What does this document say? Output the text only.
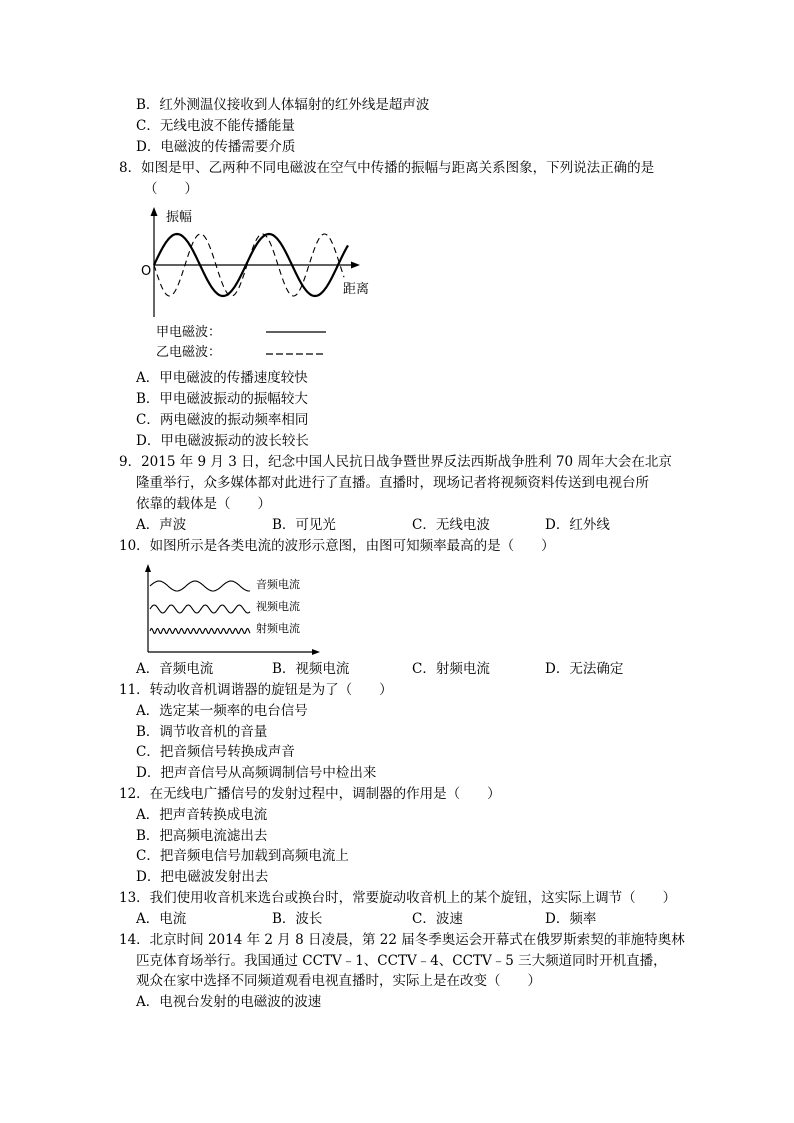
B．红外测温仪接收到人体辐射的红外线是超声波
C．无线电波不能传播能量
D．电磁波的传播需要介质
8．如图是甲、乙两种不同电磁波在空气中传播的振幅与距离关系图象，下列说法正确的是
（　　）
振幅
O
距离
甲电磁波：
乙电磁波：
A．甲电磁波的传播速度较快
B．甲电磁波振动的振幅较大
C．两电磁波的振动频率相同
D．甲电磁波振动的波长较长
9．2015 年 9 月 3 日，纪念中国人民抗日战争暨世界反法西斯战争胜利 70 周年大会在北京
隆重举行，众多媒体都对此进行了直播。直播时，现场记者将视频资料传送到电视台所
依靠的载体是（　　）
A．声波	B．可见光	C．无线电波	D．红外线
10．如图所示是各类电流的波形示意图，由图可知频率最高的是（　　）
音频电流
视频电流
射频电流
A．音频电流	B．视频电流	C．射频电流	D．无法确定
11．转动收音机调谐器的旋钮是为了（　　）
A．选定某一频率的电台信号
B．调节收音机的音量
C．把音频信号转换成声音
D．把声音信号从高频调制信号中检出来
12．在无线电广播信号的发射过程中，调制器的作用是（　　）
A．把声音转换成电流
B．把高频电流滤出去
C．把音频电信号加载到高频电流上
D．把电磁波发射出去
13．我们使用收音机来选台或换台时，常要旋动收音机上的某个旋钮，这实际上调节（　　）
A．电流	B．波长	C．波速	D．频率
14．北京时间 2014 年 2 月 8 日凌晨，第 22 届冬季奥运会开幕式在俄罗斯索契的菲施特奥林
匹克体育场举行。我国通过 CCTV﹣1、CCTV﹣4、CCTV﹣5 三大频道同时开机直播，
观众在家中选择不同频道观看电视直播时，实际上是在改变（　　）
A．电视台发射的电磁波的波速
